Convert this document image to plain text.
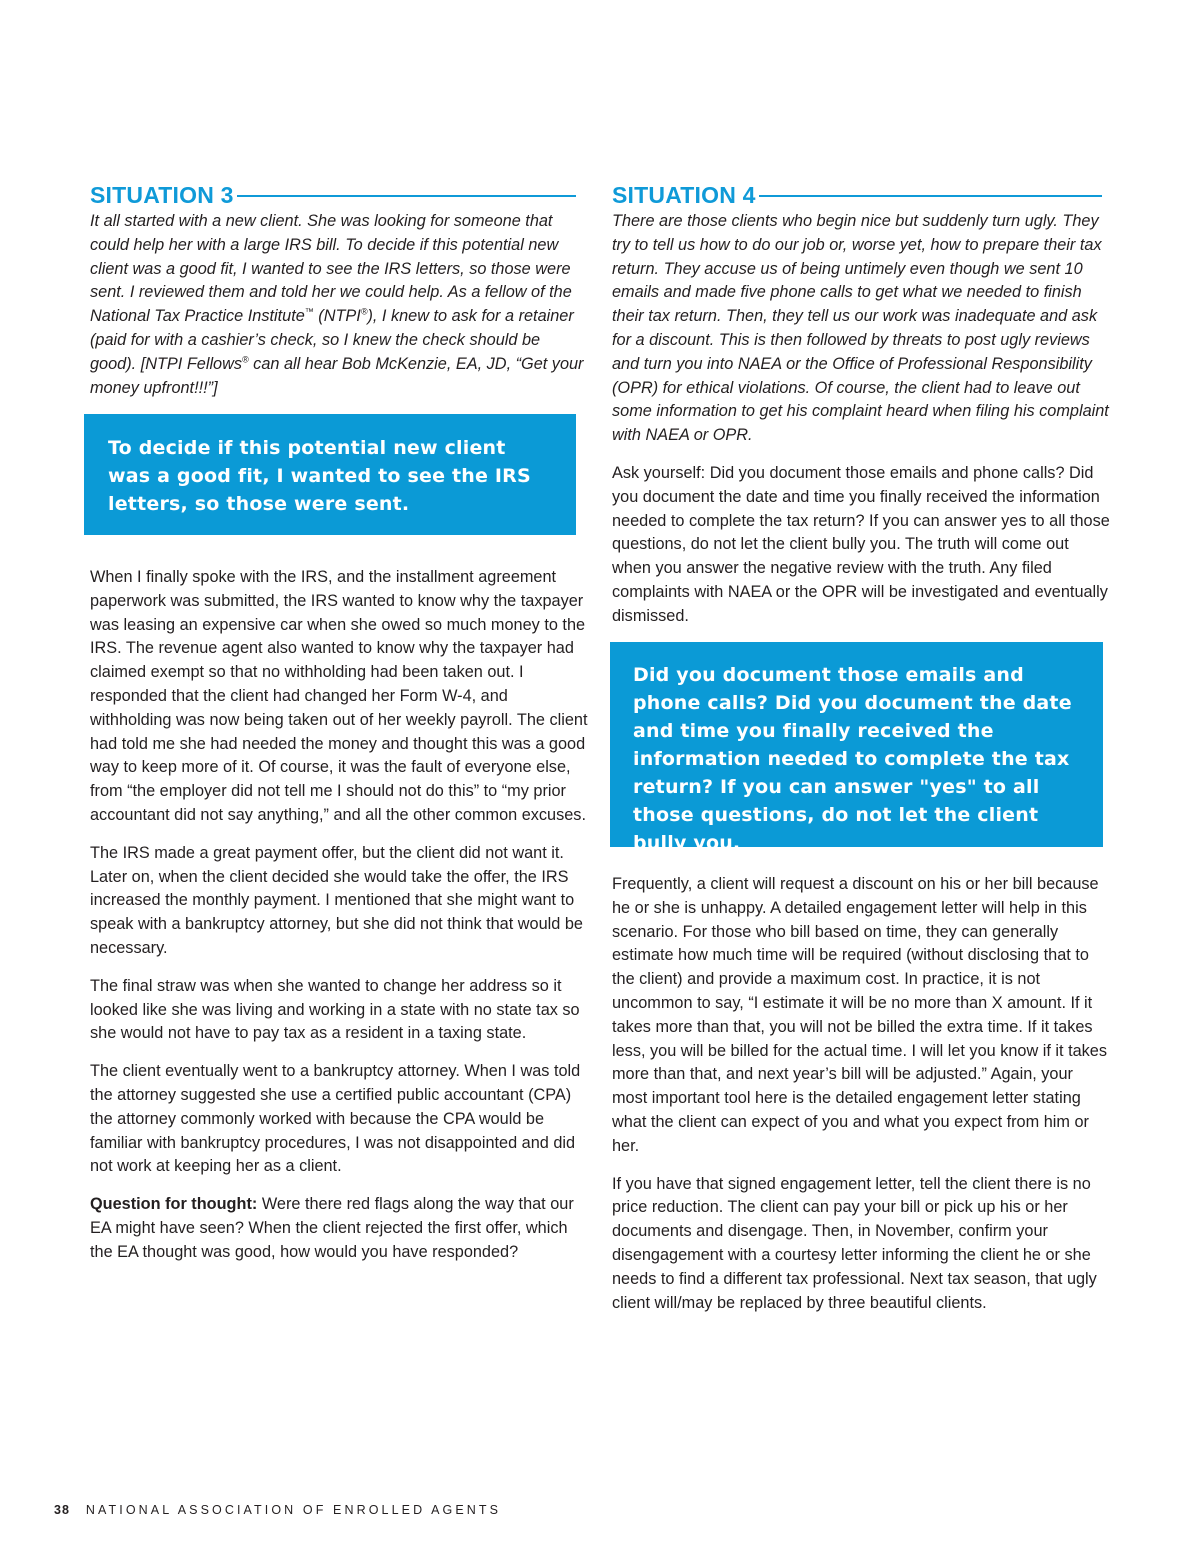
SITUATION 3

It all started with a new client. She was looking for someone that could help her with a large IRS bill. To decide if this potential new client was a good fit, I wanted to see the IRS letters, so those were sent. I reviewed them and told her we could help. As a fellow of the National Tax Practice Institute™ (NTPI®), I knew to ask for a retainer (paid for with a cashier’s check, so I knew the check should be good). [NTPI Fellows® can all hear Bob McKenzie, EA, JD, “Get your money upfront!!!”]

To decide if this potential new client was a good fit, I wanted to see the IRS letters, so those were sent.

When I finally spoke with the IRS, and the installment agreement paperwork was submitted, the IRS wanted to know why the taxpayer was leasing an expensive car when she owed so much money to the IRS. The revenue agent also wanted to know why the taxpayer had claimed exempt so that no withholding had been taken out. I responded that the client had changed her Form W-4, and withholding was now being taken out of her weekly payroll. The client had told me she had needed the money and thought this was a good way to keep more of it. Of course, it was the fault of everyone else, from “the employer did not tell me I should not do this” to “my prior accountant did not say anything,” and all the other common excuses.

The IRS made a great payment offer, but the client did not want it. Later on, when the client decided she would take the offer, the IRS increased the monthly payment. I mentioned that she might want to speak with a bankruptcy attorney, but she did not think that would be necessary.

The final straw was when she wanted to change her address so it looked like she was living and working in a state with no state tax so she would not have to pay tax as a resident in a taxing state.

The client eventually went to a bankruptcy attorney. When I was told the attorney suggested she use a certified public accountant (CPA) the attorney commonly worked with because the CPA would be familiar with bankruptcy procedures, I was not disappointed and did not work at keeping her as a client.

Question for thought: Were there red flags along the way that our EA might have seen? When the client rejected the first offer, which the EA thought was good, how would you have responded?

SITUATION 4

There are those clients who begin nice but suddenly turn ugly. They try to tell us how to do our job or, worse yet, how to prepare their tax return. They accuse us of being untimely even though we sent 10 emails and made five phone calls to get what we needed to finish their tax return. Then, they tell us our work was inadequate and ask for a discount. This is then followed by threats to post ugly reviews and turn you into NAEA or the Office of Professional Responsibility (OPR) for ethical violations. Of course, the client had to leave out some information to get his complaint heard when filing his complaint with NAEA or OPR.

Ask yourself: Did you document those emails and phone calls? Did you document the date and time you finally received the information needed to complete the tax return? If you can answer yes to all those questions, do not let the client bully you. The truth will come out when you answer the negative review with the truth. Any filed complaints with NAEA or the OPR will be investigated and eventually dismissed.

Did you document those emails and phone calls? Did you document the date and time you finally received the information needed to complete the tax return? If you can answer "yes" to all those questions, do not let the client bully you.

Frequently, a client will request a discount on his or her bill because he or she is unhappy. A detailed engagement letter will help in this scenario. For those who bill based on time, they can generally estimate how much time will be required (without disclosing that to the client) and provide a maximum cost. In practice, it is not uncommon to say, “I estimate it will be no more than X amount. If it takes more than that, you will not be billed the extra time. If it takes less, you will be billed for the actual time. I will let you know if it takes more than that, and next year’s bill will be adjusted.” Again, your most important tool here is the detailed engagement letter stating what the client can expect of you and what you expect from him or her.

If you have that signed engagement letter, tell the client there is no price reduction. The client can pay your bill or pick up his or her documents and disengage. Then, in November, confirm your disengagement with a courtesy letter informing the client he or she needs to find a different tax professional. Next tax season, that ugly client will/may be replaced by three beautiful clients.

38 NATIONAL ASSOCIATION OF ENROLLED AGENTS
